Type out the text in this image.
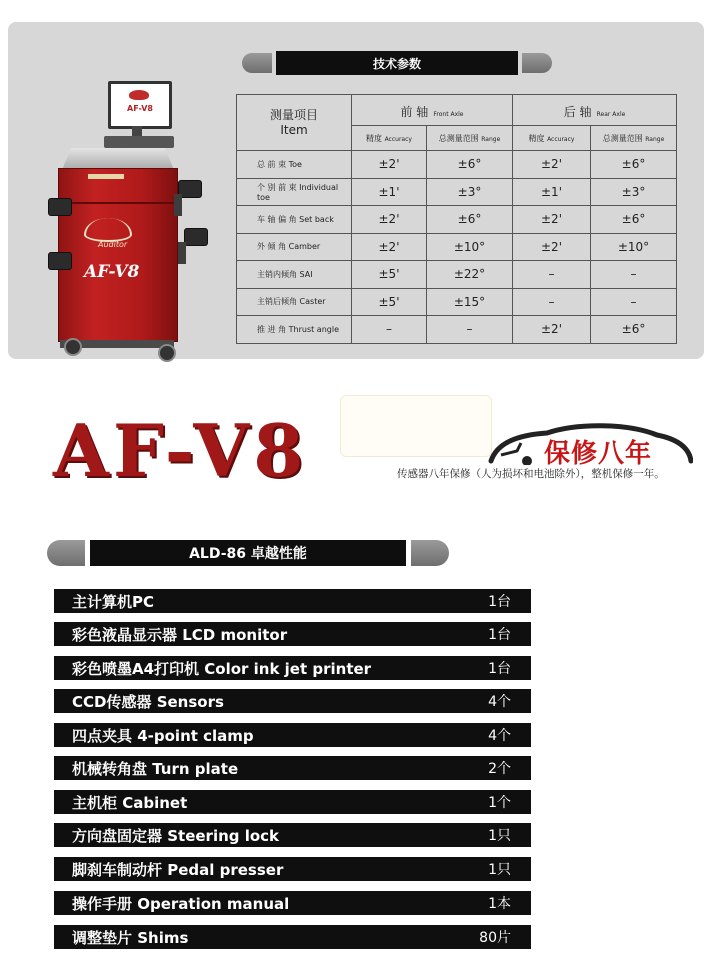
AF-V8
Auditor
AF-V8
技术参数
测量项目
Item	前 轴 Front Axle		后 轴 Rear Axle	
	精度 Accuracy	总测量范围 Range	精度 Accuracy	总测量范围 Range
总 前 束 Toe	±2'	±6°	±2'	±6°
个 别 前 束 Individual toe	±1'	±3°	±1'	±3°
车 轴 偏 角 Set back	±2'	±6°	±2'	±6°
外 倾 角 Camber	±2'	±10°	±2'	±10°
主销内倾角 SAI	±5'	±22°	–	–
主销后倾角 Caster	±5'	±15°	–	–
推 进 角 Thrust angle	–	–	±2'	±6°
AF-V8	保修八年
传感器八年保修（人为损坏和电池除外），整机保修一年。
ALD-86 卓越性能
主计算机PC	1台
彩色液晶显示器 LCD monitor	1台
彩色喷墨A4打印机 Color ink jet printer	1台
CCD传感器 Sensors	4个
四点夹具 4-point clamp	4个
机械转角盘 Turn plate	2个
主机柜 Cabinet	1个
方向盘固定器 Steering lock	1只
脚刹车制动杆 Pedal presser	1只
操作手册 Operation manual	1本
调整垫片 Shims	80片
